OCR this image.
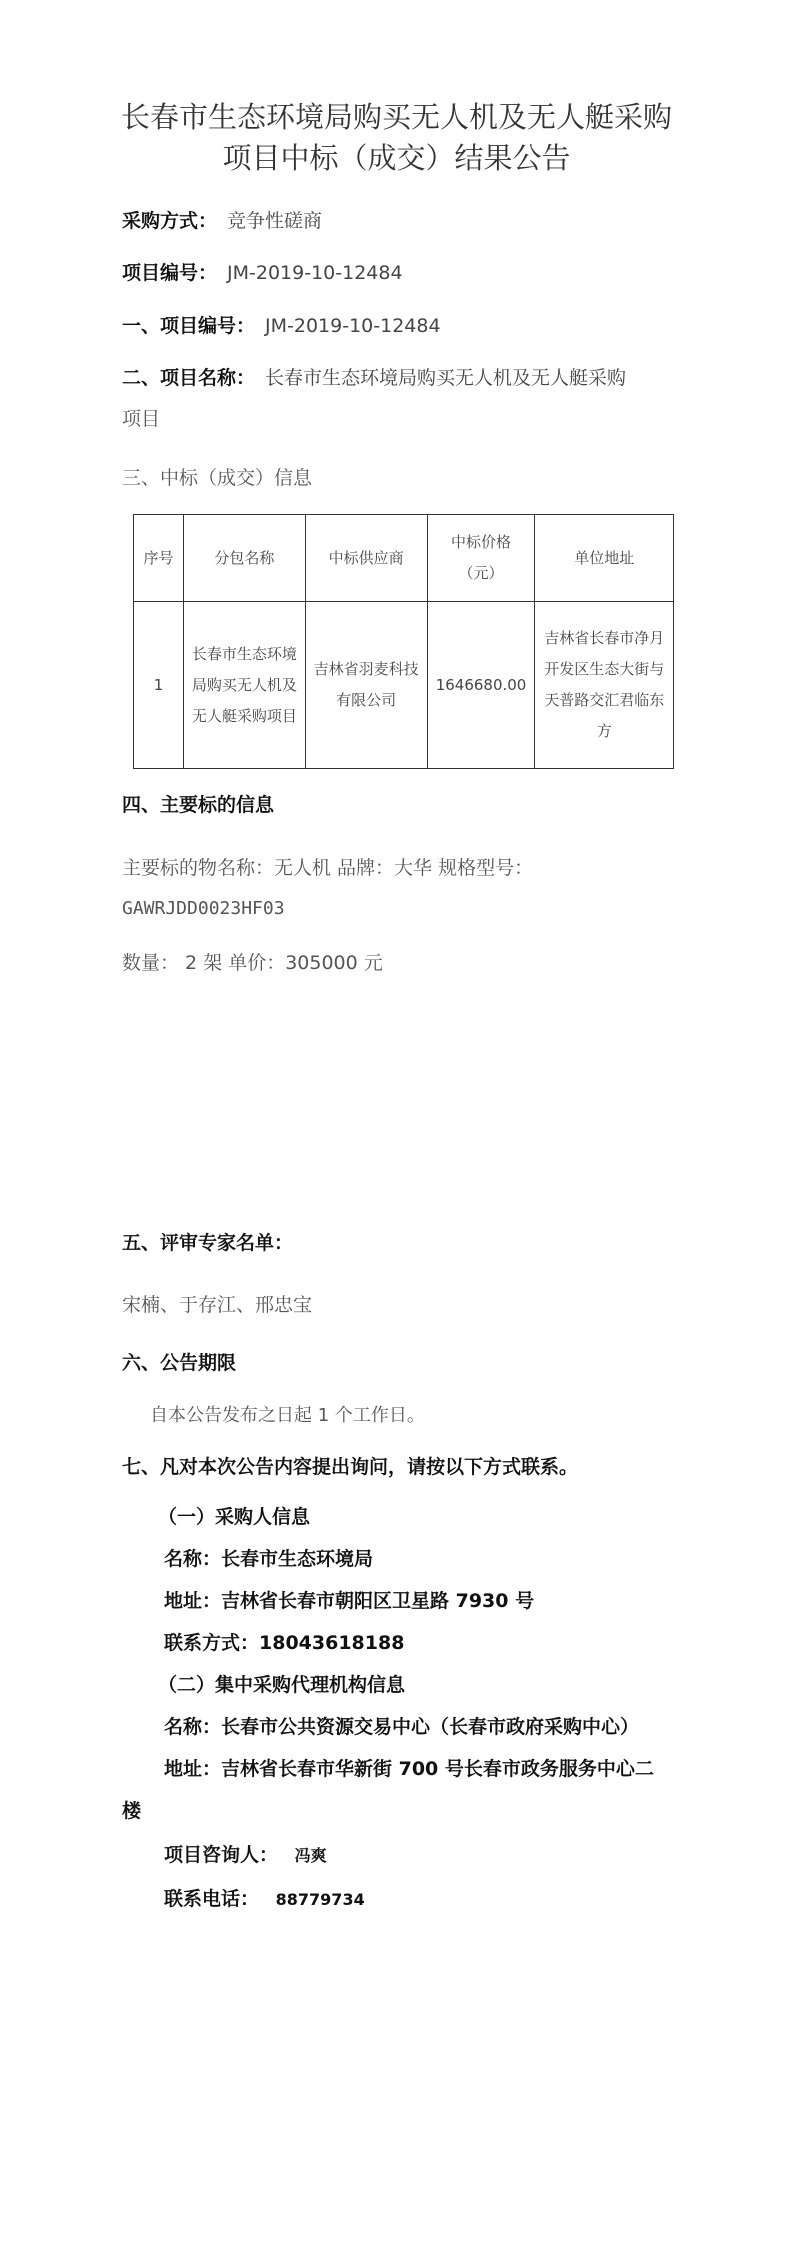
长春市生态环境局购买无人机及无人艇采购
项目中标（成交）结果公告
采购方式： 竞争性磋商
项目编号： JM-2019-10-12484
一、项目编号： JM-2019-10-12484
二、项目名称： 长春市生态环境局购买无人机及无人艇采购
项目
三、中标（成交）信息
序号	分包名称	中标供应商	中标价格（元）	单位地址
1	长春市生态环境局购买无人机及无人艇采购项目	吉林省羽麦科技有限公司	1646680.00	吉林省长春市净月开发区生态大街与天普路交汇君临东方
四、主要标的信息
主要标的物名称：无人机 品牌：大华 规格型号：
GAWRJDD0023HF03
数量： 2 架 单价：305000 元
五、评审专家名单：
宋楠、于存江、邢忠宝
六、公告期限
自本公告发布之日起 1 个工作日。
七、凡对本次公告内容提出询问，请按以下方式联系。
（一）采购人信息
名称：长春市生态环境局
地址：吉林省长春市朝阳区卫星路 7930 号
联系方式：18043618188
（二）集中采购代理机构信息
名称：长春市公共资源交易中心（长春市政府采购中心）
地址：吉林省长春市华新街 700 号长春市政务服务中心二
楼
项目咨询人： 冯爽
联系电话： 88779734
